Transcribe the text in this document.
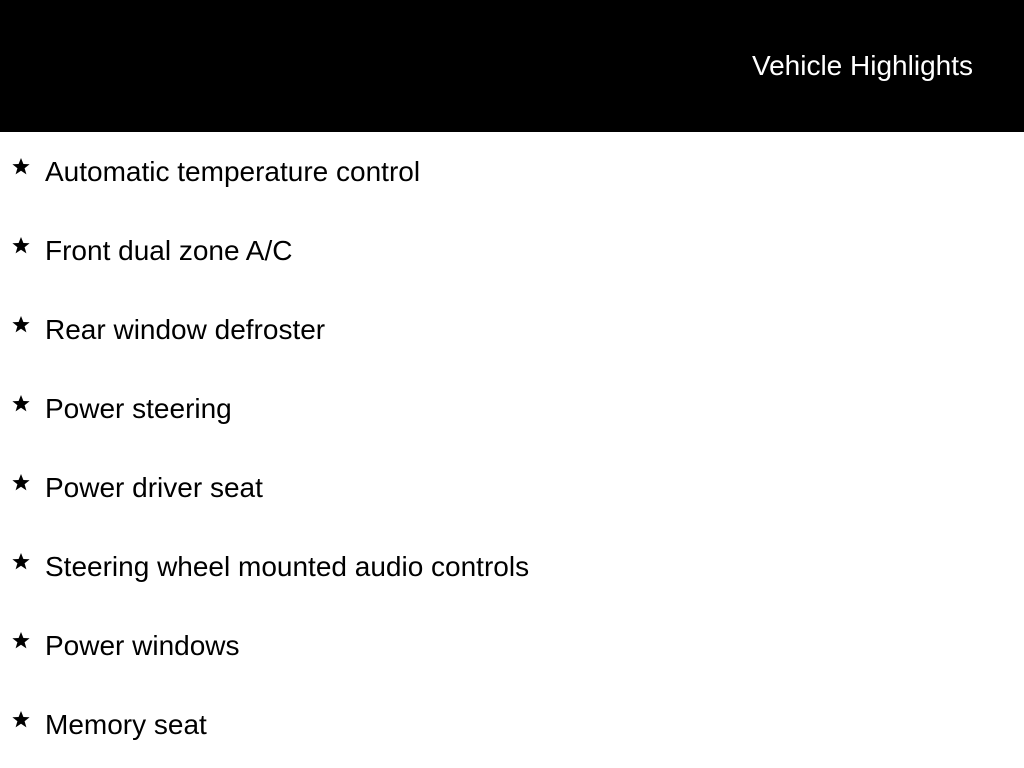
Vehicle Highlights
Automatic temperature control
Front dual zone A/C
Rear window defroster
Power steering
Power driver seat
Steering wheel mounted audio controls
Power windows
Memory seat
